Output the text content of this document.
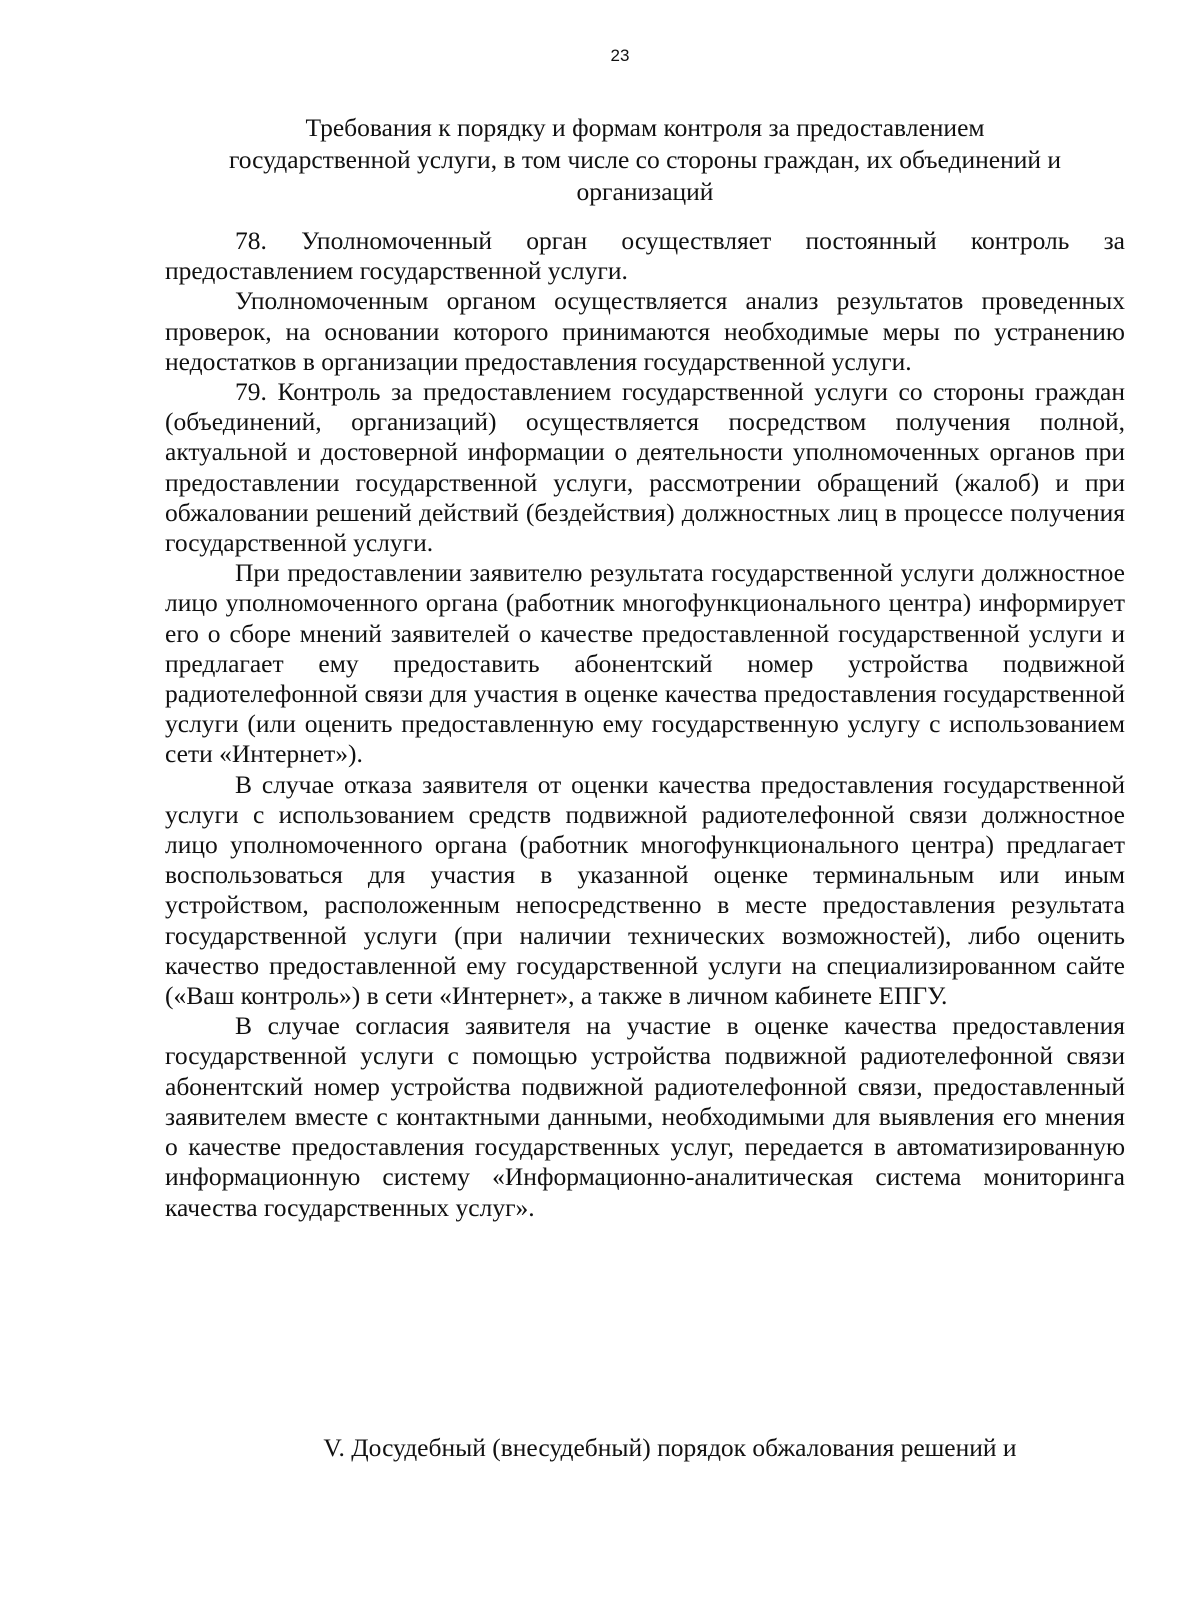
23
Требования к порядку и формам контроля за предоставлением
государственной услуги, в том числе со стороны граждан, их объединений и
организаций

78. Уполномоченный орган осуществляет постоянный контроль за предоставлением государственной услуги.

Уполномоченным органом осуществляется анализ результатов проведенных проверок, на основании которого принимаются необходимые меры по устранению недостатков в организации предоставления государственной услуги.

79. Контроль за предоставлением государственной услуги со стороны граждан (объединений, организаций) осуществляется посредством получения полной, актуальной и достоверной информации о деятельности уполномоченных органов при предоставлении государственной услуги, рассмотрении обращений (жалоб) и при обжаловании решений действий (бездействия) должностных лиц в процессе получения государственной услуги.

При предоставлении заявителю результата государственной услуги должностное лицо уполномоченного органа (работник многофункционального центра) информирует его о сборе мнений заявителей о качестве предоставленной государственной услуги и предлагает ему предоставить абонентский номер устройства подвижной радиотелефонной связи для участия в оценке качества предоставления государственной услуги (или оценить предоставленную ему государственную услугу с использованием сети «Интернет»).

В случае отказа заявителя от оценки качества предоставления государственной услуги с использованием средств подвижной радиотелефонной связи должностное лицо уполномоченного органа (работник многофункционального центра) предлагает воспользоваться для участия в указанной оценке терминальным или иным устройством, расположенным непосредственно в месте предоставления результата государственной услуги (при наличии технических возможностей), либо оценить качество предоставленной ему государственной услуги на специализированном сайте («Ваш контроль») в сети «Интернет», а также в личном кабинете ЕПГУ.

В случае согласия заявителя на участие в оценке качества предоставления государственной услуги с помощью устройства подвижной радиотелефонной связи абонентский номер устройства подвижной радиотелефонной связи, предоставленный заявителем вместе с контактными данными, необходимыми для выявления его мнения о качестве предоставления государственных услуг, передается в автоматизированную информационную систему «Информационно-аналитическая система мониторинга качества государственных услуг».

V. Досудебный (внесудебный) порядок обжалования решений и
